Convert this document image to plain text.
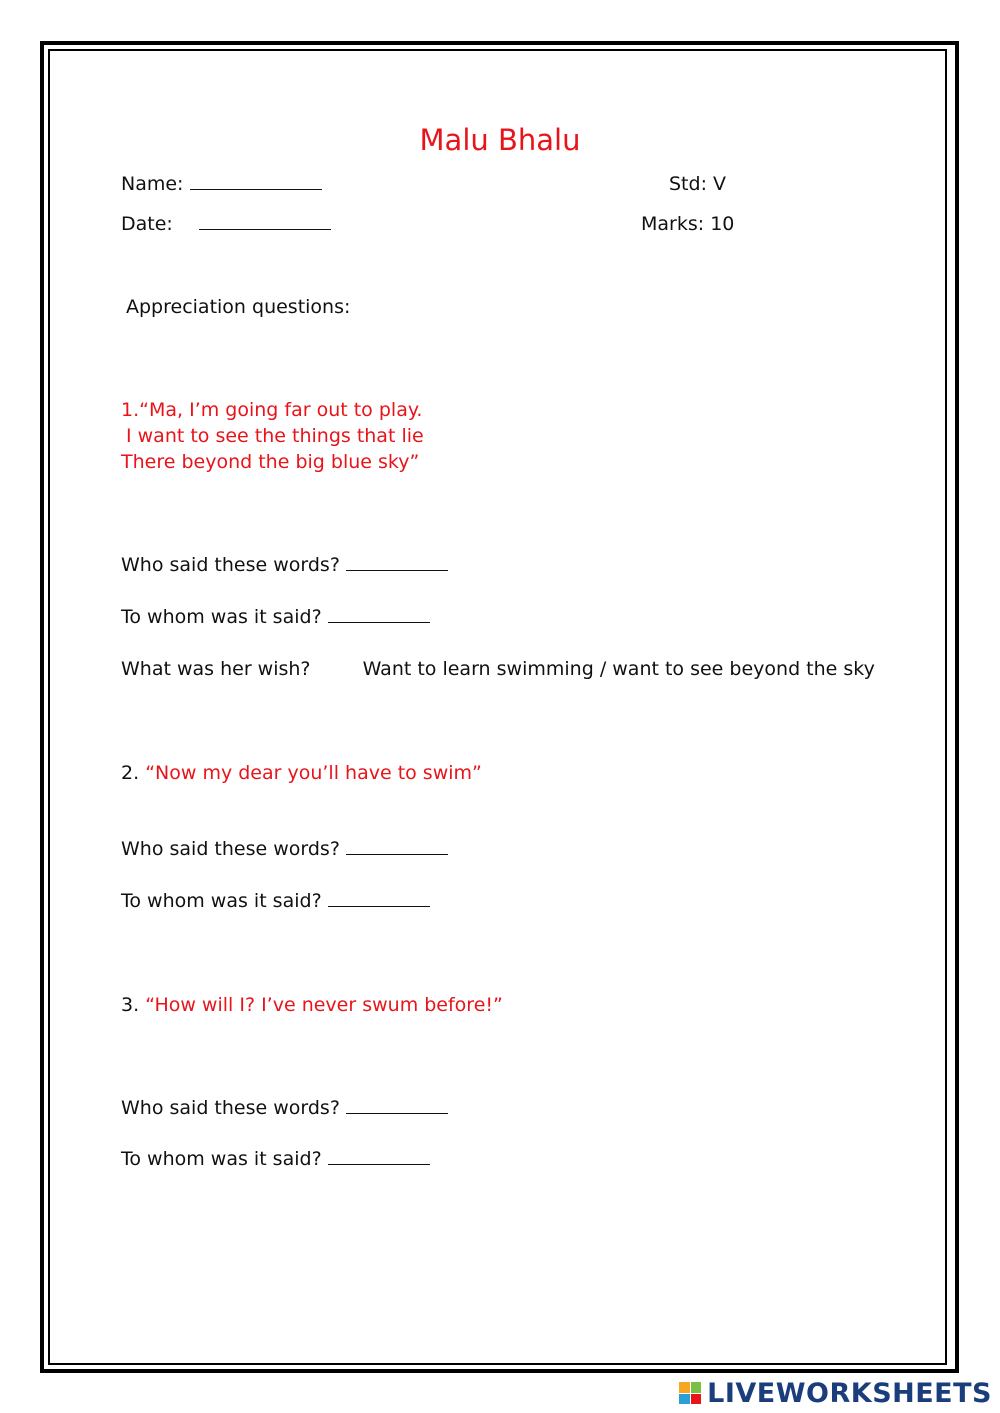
Malu Bhalu
Name:	Std: V
Date:	Marks: 10
Appreciation questions:
1.“Ma, I’m going far out to play.
I want to see the things that lie
There beyond the big blue sky”
Who said these words?
To whom was it said?
What was her wish?	Want to learn swimming / want to see beyond the sky
2. “Now my dear you’ll have to swim”
Who said these words?
To whom was it said?
3. “How will I? I’ve never swum before!”
Who said these words?
To whom was it said?
LIVEWORKSHEETS
